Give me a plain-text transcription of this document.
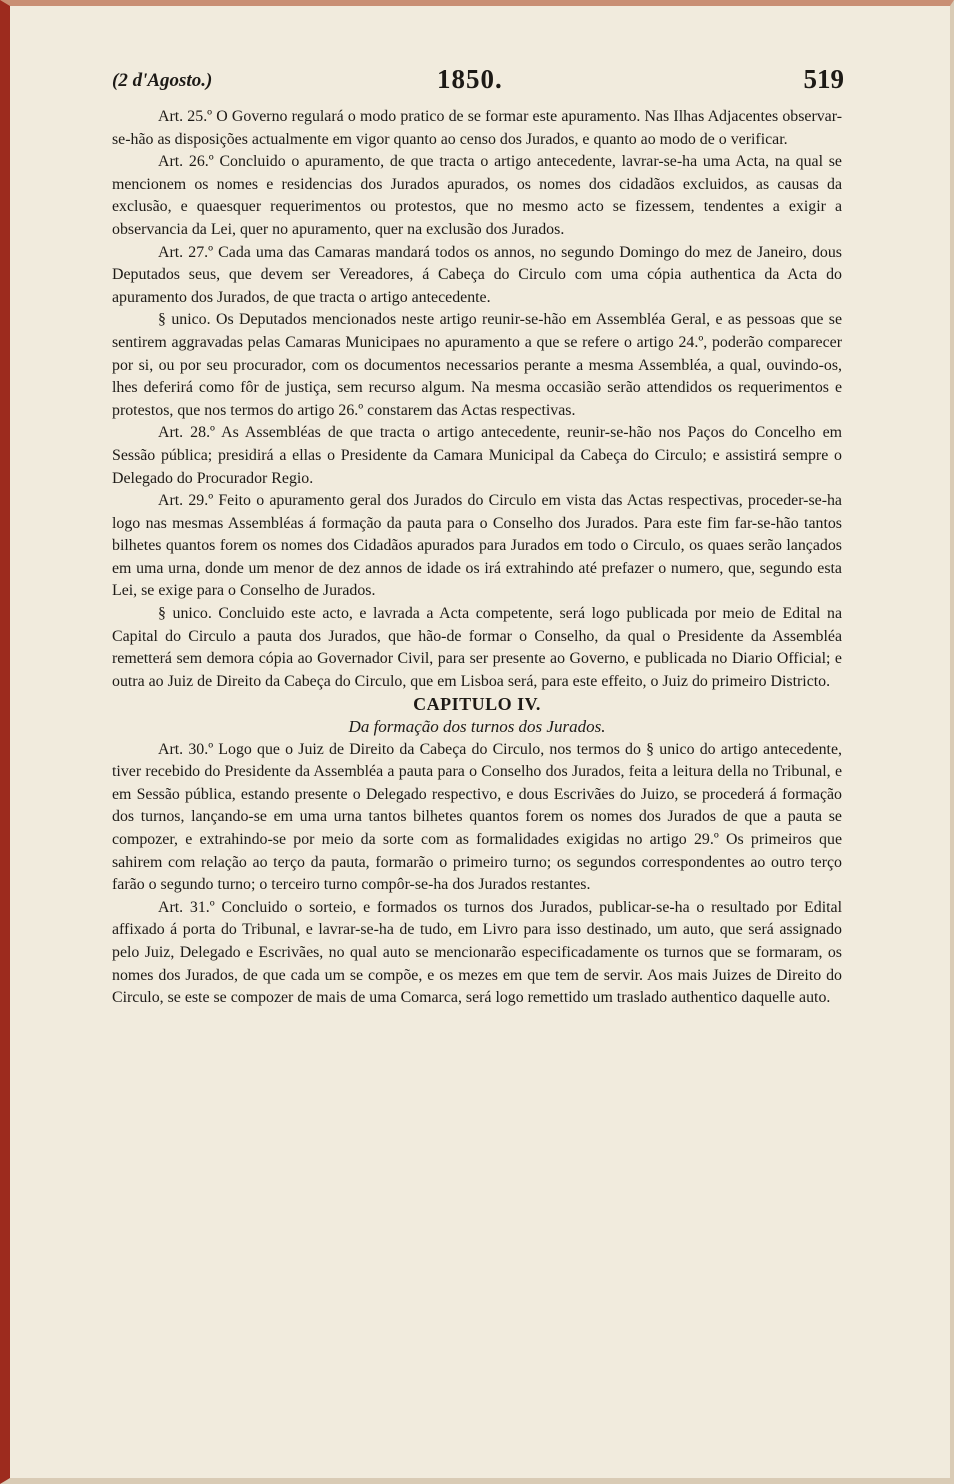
(2 d'Agosto.)	1850.	519

Art. 25.º O Governo regulará o modo pratico de se formar este apuramento. Nas Ilhas Adjacentes observar-se-hão as disposições actualmente em vigor quanto ao censo dos Jurados, e quanto ao modo de o verificar.

Art. 26.º Concluido o apuramento, de que tracta o artigo antecedente, lavrar-se-ha uma Acta, na qual se mencionem os nomes e residencias dos Jurados apurados, os nomes dos cidadãos excluidos, as causas da exclusão, e quaesquer requerimentos ou protestos, que no mesmo acto se fizessem, tendentes a exigir a observancia da Lei, quer no apuramento, quer na exclusão dos Jurados.

Art. 27.º Cada uma das Camaras mandará todos os annos, no segundo Domingo do mez de Janeiro, dous Deputados seus, que devem ser Vereadores, á Cabeça do Circulo com uma cópia authentica da Acta do apuramento dos Jurados, de que tracta o artigo antecedente.

§ unico. Os Deputados mencionados neste artigo reunir-se-hão em Assembléa Geral, e as pessoas que se sentirem aggravadas pelas Camaras Municipaes no apuramento a que se refere o artigo 24.º, poderão comparecer por si, ou por seu procurador, com os documentos necessarios perante a mesma Assembléa, a qual, ouvindo-os, lhes deferirá como fôr de justiça, sem recurso algum. Na mesma occasião serão attendidos os requerimentos e protestos, que nos termos do artigo 26.º constarem das Actas respectivas.

Art. 28.º As Assembléas de que tracta o artigo antecedente, reunir-se-hão nos Paços do Concelho em Sessão pública; presidirá a ellas o Presidente da Camara Municipal da Cabeça do Circulo; e assistirá sempre o Delegado do Procurador Regio.

Art. 29.º Feito o apuramento geral dos Jurados do Circulo em vista das Actas respectivas, proceder-se-ha logo nas mesmas Assembléas á formação da pauta para o Conselho dos Jurados. Para este fim far-se-hão tantos bilhetes quantos forem os nomes dos Cidadãos apurados para Jurados em todo o Circulo, os quaes serão lançados em uma urna, donde um menor de dez annos de idade os irá extrahindo até prefazer o numero, que, segundo esta Lei, se exige para o Conselho de Jurados.

§ unico. Concluido este acto, e lavrada a Acta competente, será logo publicada por meio de Edital na Capital do Circulo a pauta dos Jurados, que hão-de formar o Conselho, da qual o Presidente da Assembléa remetterá sem demora cópia ao Governador Civil, para ser presente ao Governo, e publicada no Diario Official; e outra ao Juiz de Direito da Cabeça do Circulo, que em Lisboa será, para este effeito, o Juiz do primeiro Districto.

CAPITULO IV.

Da formação dos turnos dos Jurados.

Art. 30.º Logo que o Juiz de Direito da Cabeça do Circulo, nos termos do § unico do artigo antecedente, tiver recebido do Presidente da Assembléa a pauta para o Conselho dos Jurados, feita a leitura della no Tribunal, e em Sessão pública, estando presente o Delegado respectivo, e dous Escrivães do Juizo, se procederá á formação dos turnos, lançando-se em uma urna tantos bilhetes quantos forem os nomes dos Jurados de que a pauta se compozer, e extrahindo-se por meio da sorte com as formalidades exigidas no artigo 29.º Os primeiros que sahirem com relação ao terço da pauta, formarão o primeiro turno; os segundos correspondentes ao outro terço farão o segundo turno; o terceiro turno compôr-se-ha dos Jurados restantes.

Art. 31.º Concluido o sorteio, e formados os turnos dos Jurados, publicar-se-ha o resultado por Edital affixado á porta do Tribunal, e lavrar-se-ha de tudo, em Livro para isso destinado, um auto, que será assignado pelo Juiz, Delegado e Escrivães, no qual auto se mencionarão especificadamente os turnos que se formaram, os nomes dos Jurados, de que cada um se compõe, e os mezes em que tem de servir. Aos mais Juizes de Direito do Circulo, se este se compozer de mais de uma Comarca, será logo remettido um traslado authentico daquelle auto.
